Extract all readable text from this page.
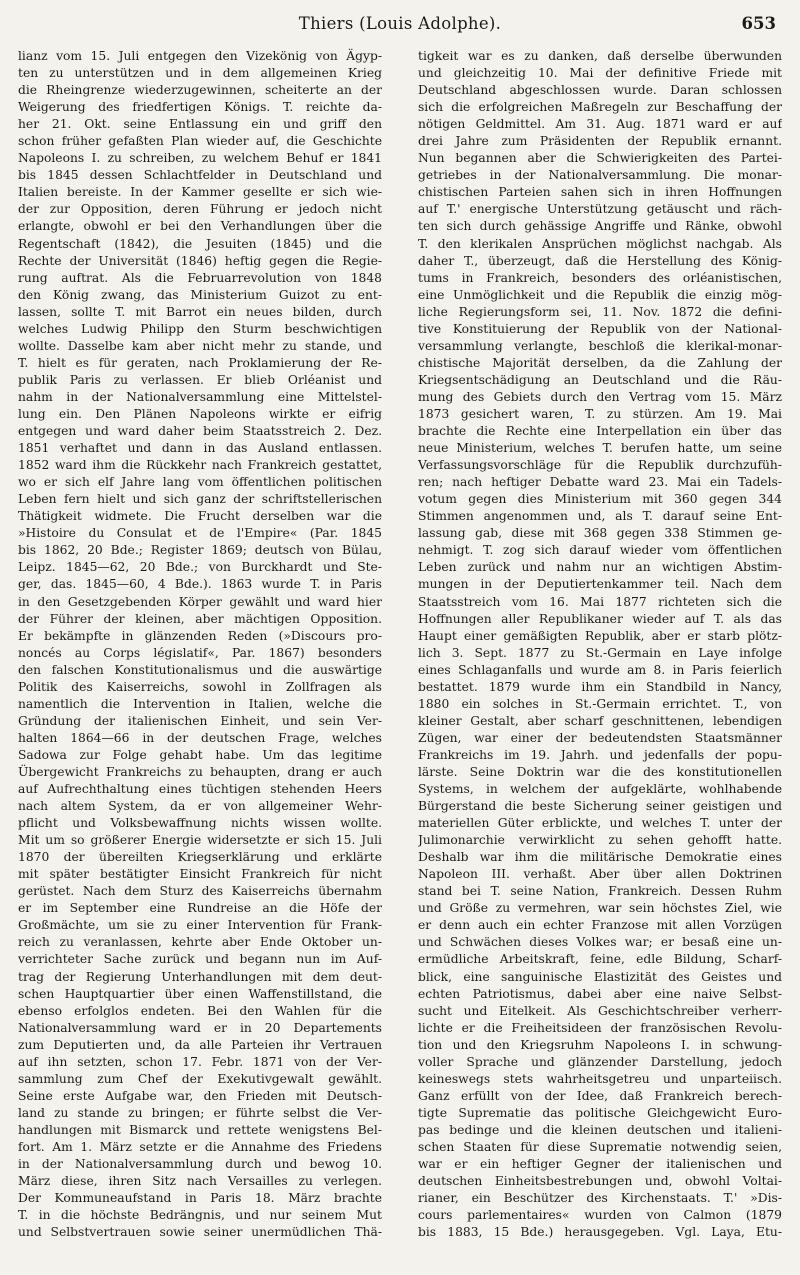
Thiers (Louis Adolphe).	653
lianz vom 15. Juli entgegen den Vizekönig von Ägyp-
ten zu unterstützen und in dem allgemeinen Krieg
die Rheingrenze wiederzugewinnen, scheiterte an der
Weigerung des friedfertigen Königs. T. reichte da-
her 21. Okt. seine Entlassung ein und griff den
schon früher gefaßten Plan wieder auf, die Geschichte
Napoleons I. zu schreiben, zu welchem Behuf er 1841
bis 1845 dessen Schlachtfelder in Deutschland und
Italien bereiste. In der Kammer gesellte er sich wie-
der zur Opposition, deren Führung er jedoch nicht
erlangte, obwohl er bei den Verhandlungen über die
Regentschaft (1842), die Jesuiten (1845) und die
Rechte der Universität (1846) heftig gegen die Regie-
rung auftrat. Als die Februarrevolution von 1848
den König zwang, das Ministerium Guizot zu ent-
lassen, sollte T. mit Barrot ein neues bilden, durch
welches Ludwig Philipp den Sturm beschwichtigen
wollte. Dasselbe kam aber nicht mehr zu stande, und
T. hielt es für geraten, nach Proklamierung der Re-
publik Paris zu verlassen. Er blieb Orléanist und
nahm in der Nationalversammlung eine Mittelstel-
lung ein. Den Plänen Napoleons wirkte er eifrig
entgegen und ward daher beim Staatsstreich 2. Dez.
1851 verhaftet und dann in das Ausland entlassen.
1852 ward ihm die Rückkehr nach Frankreich gestattet,
wo er sich elf Jahre lang vom öffentlichen politischen
Leben fern hielt und sich ganz der schriftstellerischen
Thätigkeit widmete. Die Frucht derselben war die
»Histoire du Consulat et de l'Empire« (Par. 1845
bis 1862, 20 Bde.; Register 1869; deutsch von Bülau,
Leipz. 1845—62, 20 Bde.; von Burckhardt und Ste-
ger, das. 1845—60, 4 Bde.). 1863 wurde T. in Paris
in den Gesetzgebenden Körper gewählt und ward hier
der Führer der kleinen, aber mächtigen Opposition.
Er bekämpfte in glänzenden Reden (»Discours pro-
noncés au Corps législatif«, Par. 1867) besonders
den falschen Konstitutionalismus und die auswärtige
Politik des Kaiserreichs, sowohl in Zollfragen als
namentlich die Intervention in Italien, welche die
Gründung der italienischen Einheit, und sein Ver-
halten 1864—66 in der deutschen Frage, welches
Sadowa zur Folge gehabt habe. Um das legitime
Übergewicht Frankreichs zu behaupten, drang er auch
auf Aufrechthaltung eines tüchtigen stehenden Heers
nach altem System, da er von allgemeiner Wehr-
pflicht und Volksbewaffnung nichts wissen wollte.
Mit um so größerer Energie widersetzte er sich 15. Juli
1870 der übereilten Kriegserklärung und erklärte
mit später bestätigter Einsicht Frankreich für nicht
gerüstet. Nach dem Sturz des Kaiserreichs übernahm
er im September eine Rundreise an die Höfe der
Großmächte, um sie zu einer Intervention für Frank-
reich zu veranlassen, kehrte aber Ende Oktober un-
verrichteter Sache zurück und begann nun im Auf-
trag der Regierung Unterhandlungen mit dem deut-
schen Hauptquartier über einen Waffenstillstand, die
ebenso erfolglos endeten. Bei den Wahlen für die
Nationalversammlung ward er in 20 Departements
zum Deputierten und, da alle Parteien ihr Vertrauen
auf ihn setzten, schon 17. Febr. 1871 von der Ver-
sammlung zum Chef der Exekutivgewalt gewählt.
Seine erste Aufgabe war, den Frieden mit Deutsch-
land zu stande zu bringen; er führte selbst die Ver-
handlungen mit Bismarck und rettete wenigstens Bel-
fort. Am 1. März setzte er die Annahme des Friedens
in der Nationalversammlung durch und bewog 10.
März diese, ihren Sitz nach Versailles zu verlegen.
Der Kommuneaufstand in Paris 18. März brachte
T. in die höchste Bedrängnis, und nur seinem Mut
und Selbstvertrauen sowie seiner unermüdlichen Thä-
tigkeit war es zu danken, daß derselbe überwunden
und gleichzeitig 10. Mai der definitive Friede mit
Deutschland abgeschlossen wurde. Daran schlossen
sich die erfolgreichen Maßregeln zur Beschaffung der
nötigen Geldmittel. Am 31. Aug. 1871 ward er auf
drei Jahre zum Präsidenten der Republik ernannt.
Nun begannen aber die Schwierigkeiten des Partei-
getriebes in der Nationalversammlung. Die monar-
chistischen Parteien sahen sich in ihren Hoffnungen
auf T.' energische Unterstützung getäuscht und räch-
ten sich durch gehässige Angriffe und Ränke, obwohl
T. den klerikalen Ansprüchen möglichst nachgab. Als
daher T., überzeugt, daß die Herstellung des König-
tums in Frankreich, besonders des orléanistischen,
eine Unmöglichkeit und die Republik die einzig mög-
liche Regierungsform sei, 11. Nov. 1872 die defini-
tive Konstituierung der Republik von der National-
versammlung verlangte, beschloß die klerikal-monar-
chistische Majorität derselben, da die Zahlung der
Kriegsentschädigung an Deutschland und die Räu-
mung des Gebiets durch den Vertrag vom 15. März
1873 gesichert waren, T. zu stürzen. Am 19. Mai
brachte die Rechte eine Interpellation ein über das
neue Ministerium, welches T. berufen hatte, um seine
Verfassungsvorschläge für die Republik durchzufüh-
ren; nach heftiger Debatte ward 23. Mai ein Tadels-
votum gegen dies Ministerium mit 360 gegen 344
Stimmen angenommen und, als T. darauf seine Ent-
lassung gab, diese mit 368 gegen 338 Stimmen ge-
nehmigt. T. zog sich darauf wieder vom öffentlichen
Leben zurück und nahm nur an wichtigen Abstim-
mungen in der Deputiertenkammer teil. Nach dem
Staatsstreich vom 16. Mai 1877 richteten sich die
Hoffnungen aller Republikaner wieder auf T. als das
Haupt einer gemäßigten Republik, aber er starb plötz-
lich 3. Sept. 1877 zu St.-Germain en Laye infolge
eines Schlaganfalls und wurde am 8. in Paris feierlich
bestattet. 1879 wurde ihm ein Standbild in Nancy,
1880 ein solches in St.-Germain errichtet. T., von
kleiner Gestalt, aber scharf geschnittenen, lebendigen
Zügen, war einer der bedeutendsten Staatsmänner
Frankreichs im 19. Jahrh. und jedenfalls der popu-
lärste. Seine Doktrin war die des konstitutionellen
Systems, in welchem der aufgeklärte, wohlhabende
Bürgerstand die beste Sicherung seiner geistigen und
materiellen Güter erblickte, und welches T. unter der
Julimonarchie verwirklicht zu sehen gehofft hatte.
Deshalb war ihm die militärische Demokratie eines
Napoleon III. verhaßt. Aber über allen Doktrinen
stand bei T. seine Nation, Frankreich. Dessen Ruhm
und Größe zu vermehren, war sein höchstes Ziel, wie
er denn auch ein echter Franzose mit allen Vorzügen
und Schwächen dieses Volkes war; er besaß eine un-
ermüdliche Arbeitskraft, feine, edle Bildung, Scharf-
blick, eine sanguinische Elastizität des Geistes und
echten Patriotismus, dabei aber eine naive Selbst-
sucht und Eitelkeit. Als Geschichtschreiber verherr-
lichte er die Freiheitsideen der französischen Revolu-
tion und den Kriegsruhm Napoleons I. in schwung-
voller Sprache und glänzender Darstellung, jedoch
keineswegs stets wahrheitsgetreu und unparteiisch.
Ganz erfüllt von der Idee, daß Frankreich berech-
tigte Suprematie das politische Gleichgewicht Euro-
pas bedinge und die kleinen deutschen und italieni-
schen Staaten für diese Suprematie notwendig seien,
war er ein heftiger Gegner der italienischen und
deutschen Einheitsbestrebungen und, obwohl Voltai-
rianer, ein Beschützer des Kirchenstaats. T.' »Dis-
cours parlementaires« wurden von Calmon (1879
bis 1883, 15 Bde.) herausgegeben. Vgl. Laya, Etu-
